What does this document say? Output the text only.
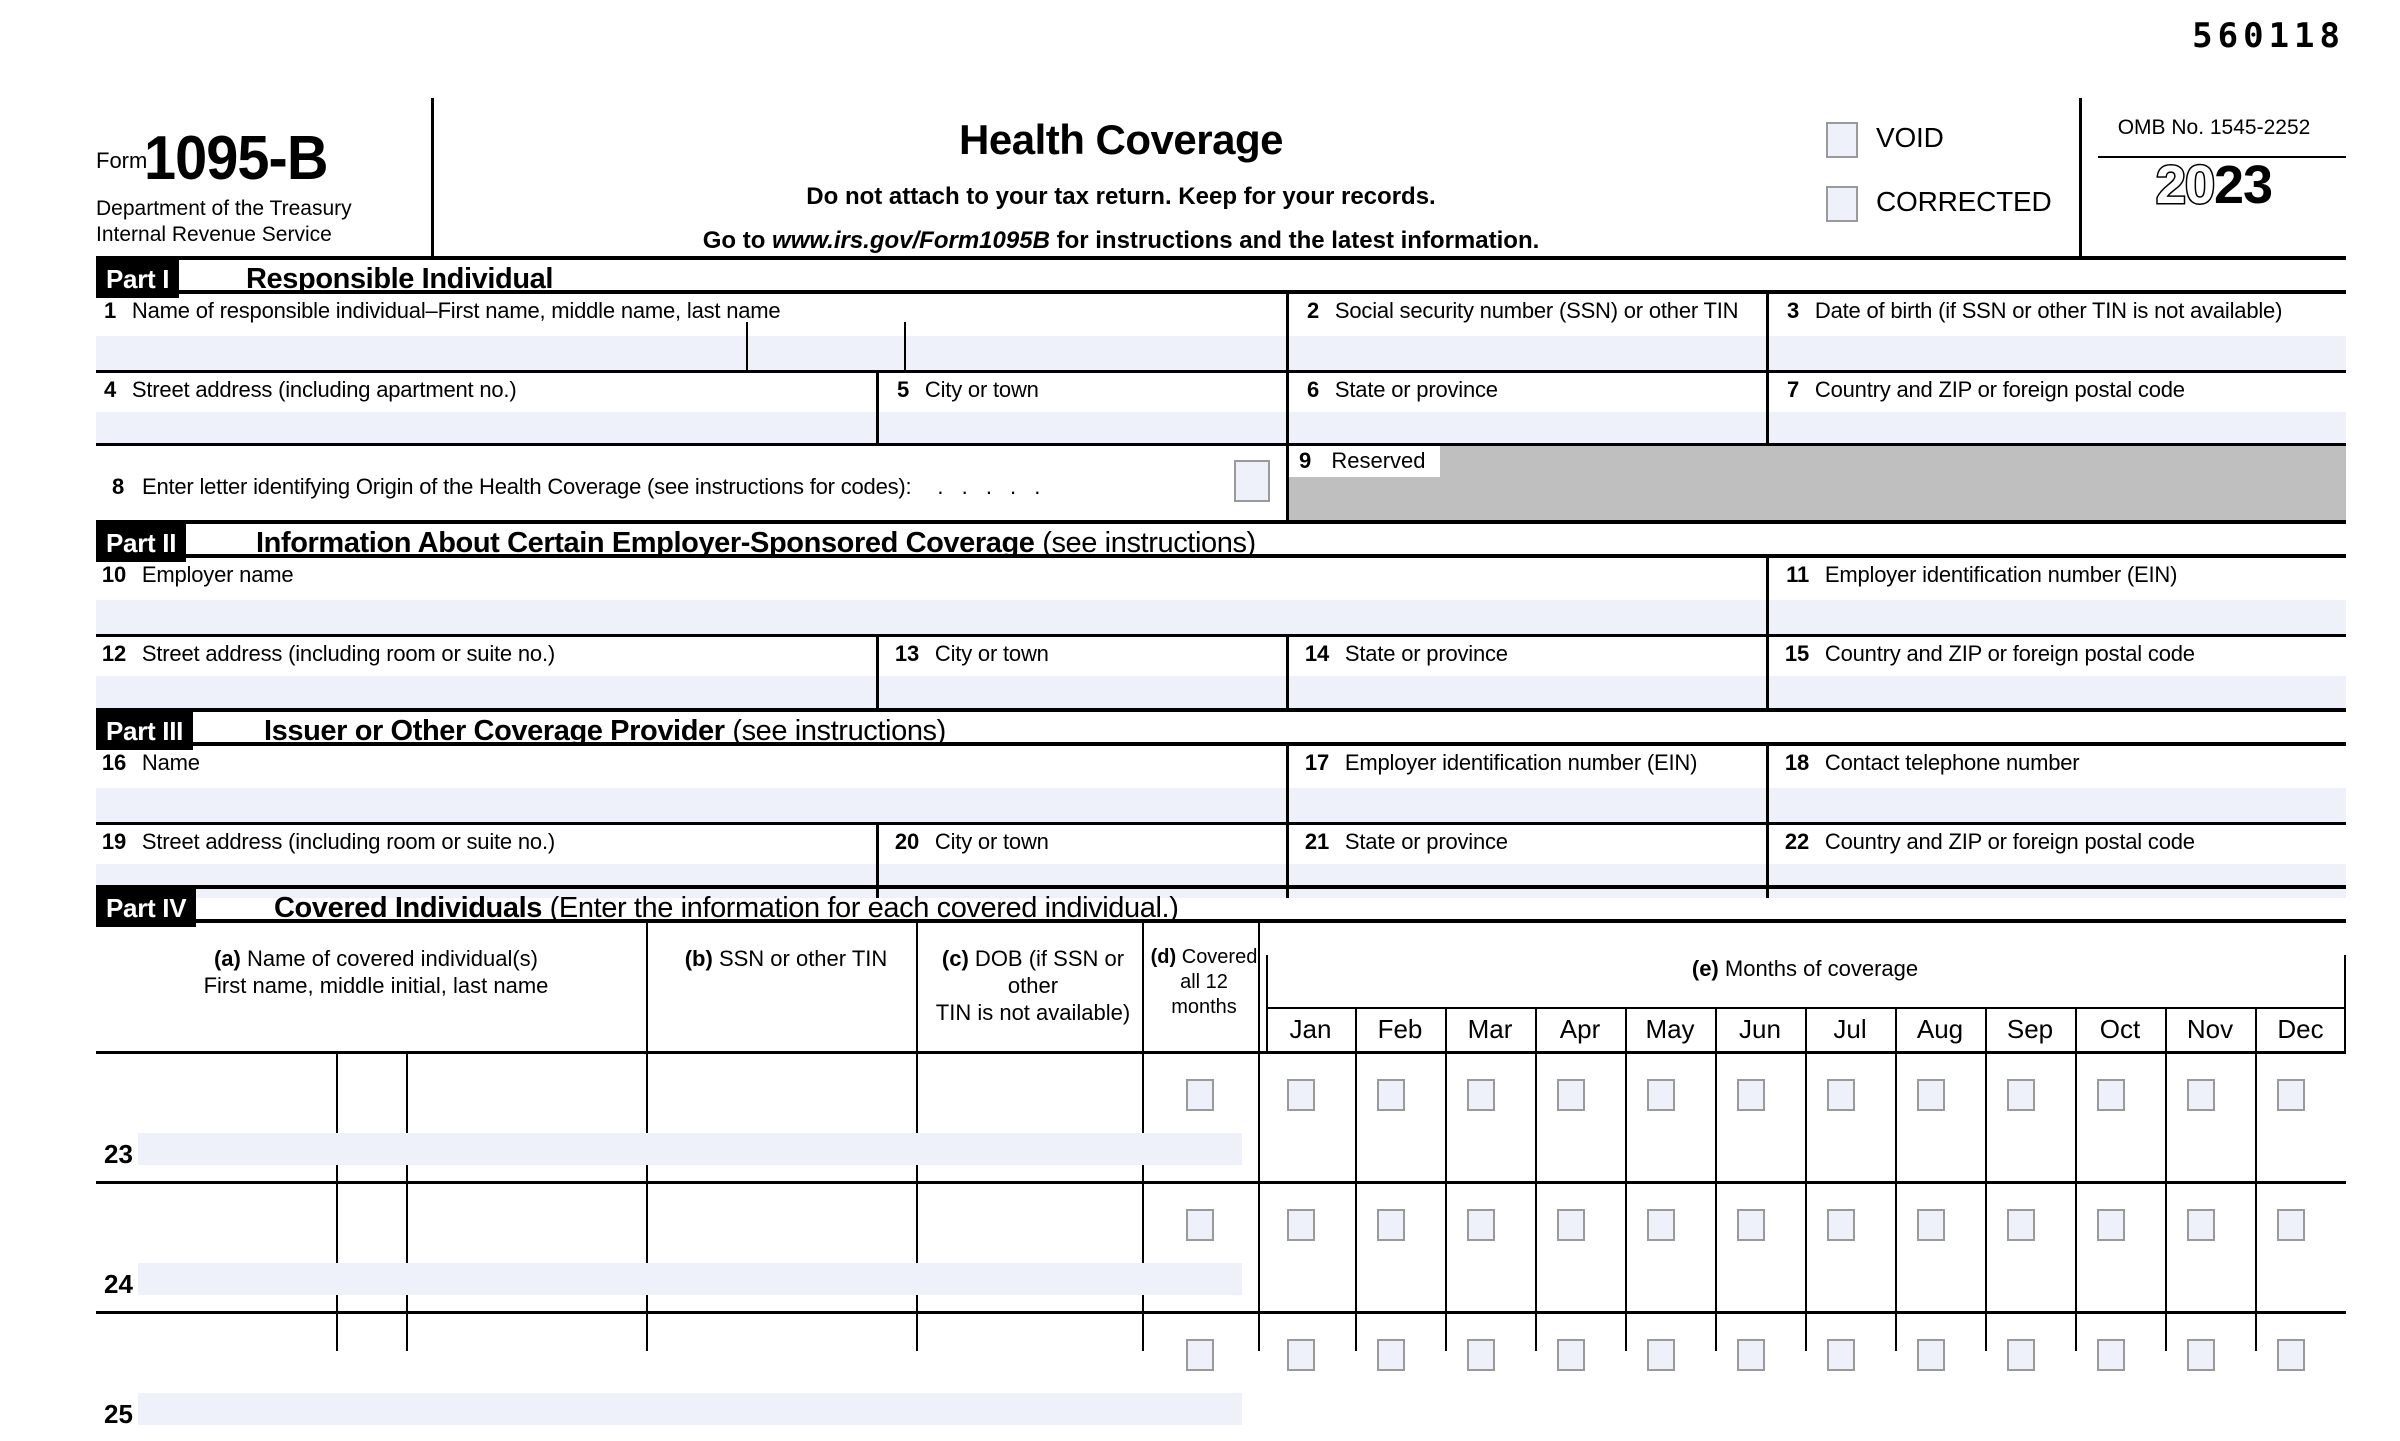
560118
Form
1095-B
Department of the Treasury
Internal Revenue Service
Health Coverage
Do not attach to your tax return. Keep for your records.
Go to www.irs.gov/Form1095B for instructions and the latest information.
VOID
CORRECTED
OMB No. 1545-2252
2023
Part I	Responsible Individual
1 Name of responsible individual–First name, middle name, last name	2 Social security number (SSN) or other TIN	3 Date of birth (if SSN or other TIN is not available)
4 Street address (including apartment no.)	5 City or town	6 State or province	7 Country and ZIP or foreign postal code
8 Enter letter identifying Origin of the Health Coverage (see instructions for codes): . . . . .
9 Reserved
Part II	Information About Certain Employer-Sponsored Coverage (see instructions)
10 Employer name	11 Employer identification number (EIN)
12 Street address (including room or suite no.)	13 City or town	14 State or province	15 Country and ZIP or foreign postal code
Part III	Issuer or Other Coverage Provider (see instructions)
16 Name	17 Employer identification number (EIN)	18 Contact telephone number
19 Street address (including room or suite no.)	20 City or town	21 State or province	22 Country and ZIP or foreign postal code
Part IV	Covered Individuals (Enter the information for each covered individual.)
(a) Name of covered individual(s)
First name, middle initial, last name
(b) SSN or other TIN	(c) DOB (if SSN or other
TIN is not available)
(d) Covered
all 12 months
(e) Months of coverage
Jan	Feb	Mar	Apr	May	Jun	Jul	Aug	Sep	Oct	Nov	Dec
23
24
25
